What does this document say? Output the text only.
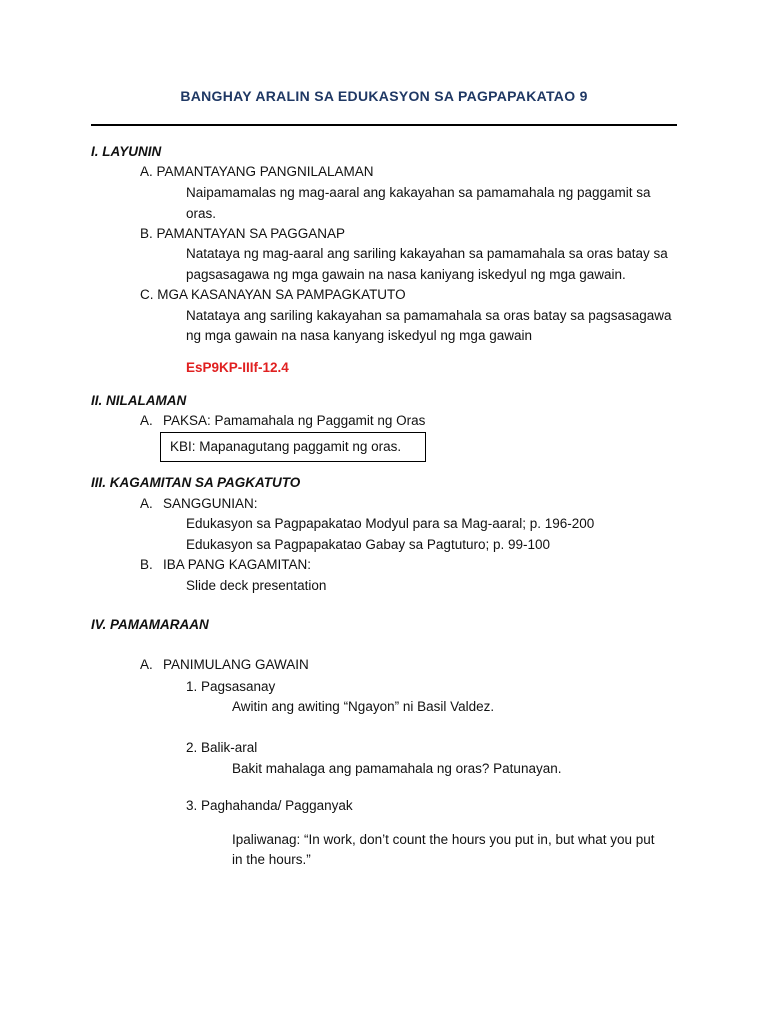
BANGHAY ARALIN SA EDUKASYON SA PAGPAPAKATAO 9
I. LAYUNIN
A. PAMANTAYANG PANGNILALAMAN
Naipamamalas ng mag-aaral ang kakayahan sa pamamahala ng paggamit sa
oras.
B. PAMANTAYAN SA PAGGANAP
Natataya ng mag-aaral ang sariling kakayahan sa pamamahala sa oras batay sa
pagsasagawa ng mga gawain na nasa kaniyang iskedyul ng mga gawain.
C. MGA KASANAYAN SA PAMPAGKATUTO
Natataya ang sariling kakayahan sa pamamahala sa oras batay sa pagsasagawa
ng mga gawain na nasa kanyang iskedyul ng mga gawain
EsP9KP-IIIf-12.4
II. NILALAMAN
A. PAKSA: Pamamahala ng Paggamit ng Oras
KBI: Mapanagutang paggamit ng oras.
III. KAGAMITAN SA PAGKATUTO
A. SANGGUNIAN:
Edukasyon sa Pagpapakatao Modyul para sa Mag-aaral; p. 196-200
Edukasyon sa Pagpapakatao Gabay sa Pagtuturo; p. 99-100
B. IBA PANG KAGAMITAN:
Slide deck presentation
IV. PAMAMARAAN
A. PANIMULANG GAWAIN
1. Pagsasanay
Awitin ang awiting “Ngayon” ni Basil Valdez.
2. Balik-aral
Bakit mahalaga ang pamamahala ng oras? Patunayan.
3. Paghahanda/ Pagganyak
Ipaliwanag: “In work, don’t count the hours you put in, but what you put
in the hours.”
